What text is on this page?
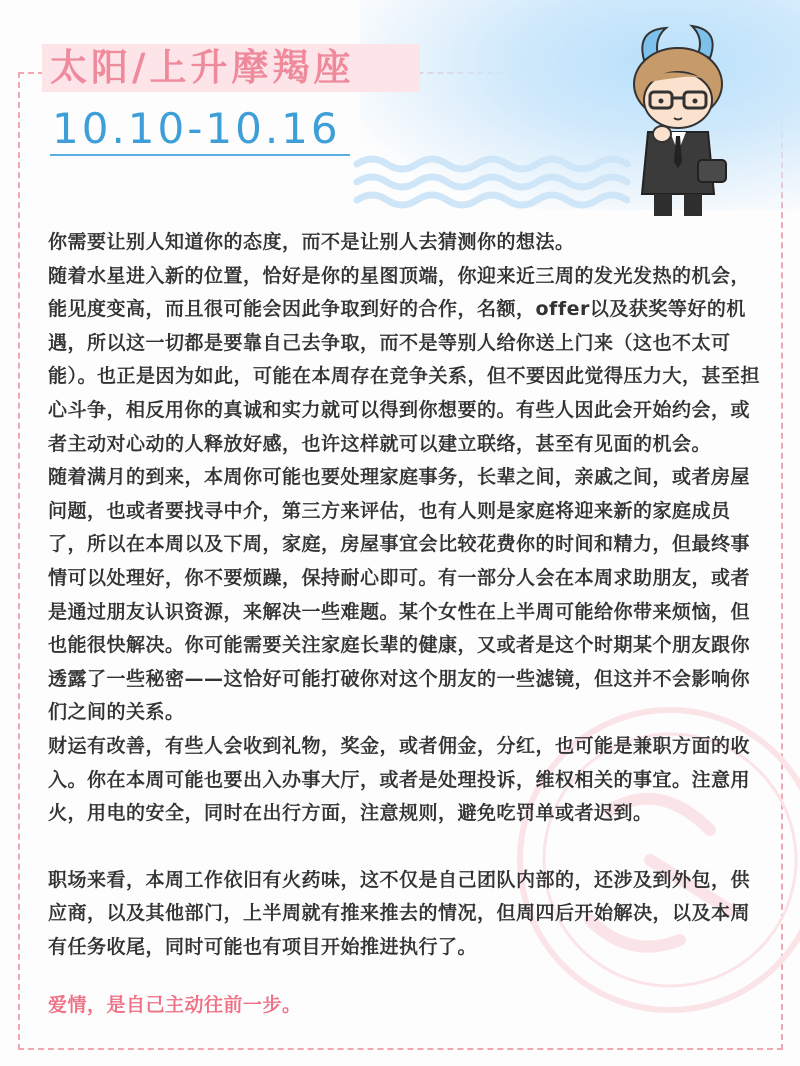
太阳/上升摩羯座
10.10-10.16

你需要让别人知道你的态度，而不是让别人去猜测你的想法。

随着水星进入新的位置，恰好是你的星图顶端，你迎来近三周的发光发热的机会，能见度变高，而且很可能会因此争取到好的合作，名额，offer以及获奖等好的机遇，所以这一切都是要靠自己去争取，而不是等别人给你送上门来（这也不太可能）。也正是因为如此，可能在本周存在竞争关系，但不要因此觉得压力大，甚至担心斗争，相反用你的真诚和实力就可以得到你想要的。有些人因此会开始约会，或者主动对心动的人释放好感，也许这样就可以建立联络，甚至有见面的机会。

随着满月的到来，本周你可能也要处理家庭事务，长辈之间，亲戚之间，或者房屋问题，也或者要找寻中介，第三方来评估，也有人则是家庭将迎来新的家庭成员了，所以在本周以及下周，家庭，房屋事宜会比较花费你的时间和精力，但最终事情可以处理好，你不要烦躁，保持耐心即可。有一部分人会在本周求助朋友，或者是通过朋友认识资源，来解决一些难题。某个女性在上半周可能给你带来烦恼，但也能很快解决。你可能需要关注家庭长辈的健康，又或者是这个时期某个朋友跟你透露了一些秘密——这恰好可能打破你对这个朋友的一些滤镜，但这并不会影响你们之间的关系。

财运有改善，有些人会收到礼物，奖金，或者佣金，分红，也可能是兼职方面的收入。你在本周可能也要出入办事大厅，或者是处理投诉，维权相关的事宜。注意用火，用电的安全，同时在出行方面，注意规则，避免吃罚单或者迟到。

职场来看，本周工作依旧有火药味，这不仅是自己团队内部的，还涉及到外包，供应商，以及其他部门，上半周就有推来推去的情况，但周四后开始解决，以及本周有任务收尾，同时可能也有项目开始推进执行了。

爱情，是自己主动往前一步。
